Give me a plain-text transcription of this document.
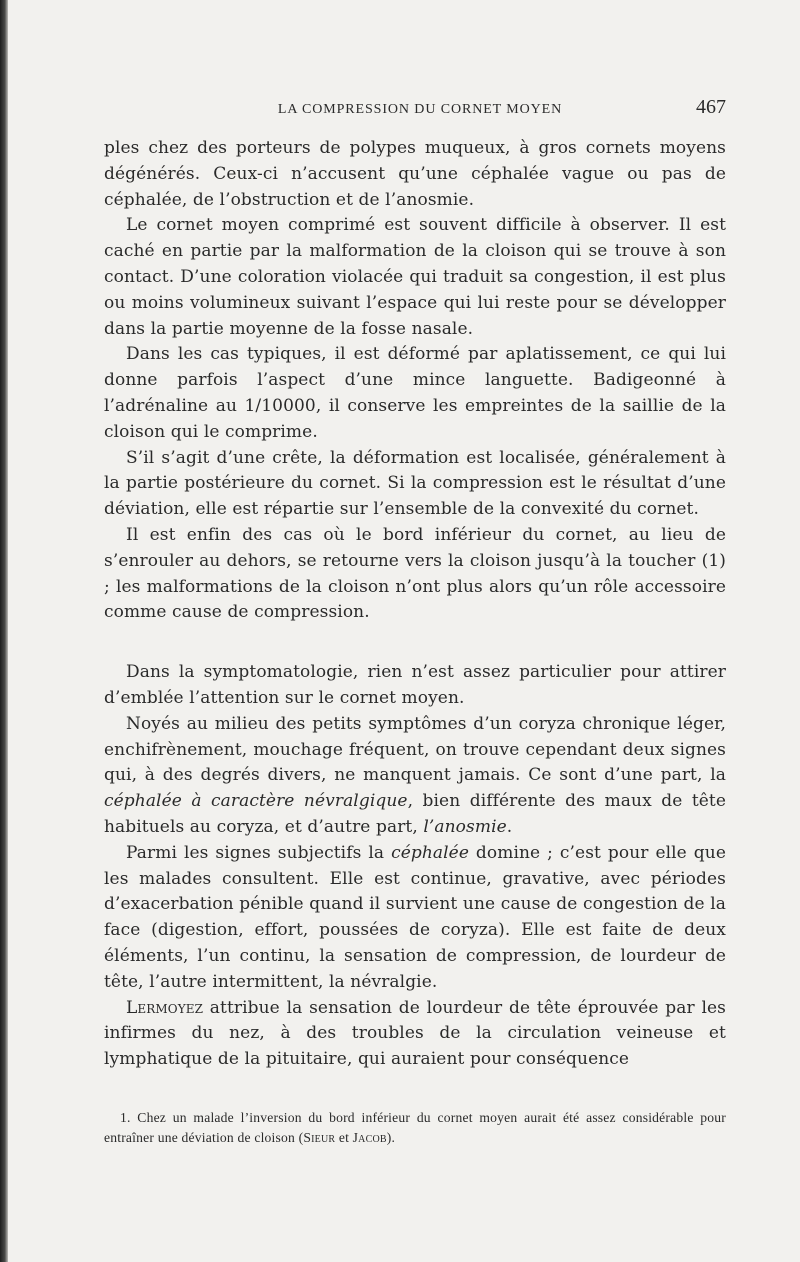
LA COMPRESSION DU CORNET MOYEN	467

ples chez des porteurs de polypes muqueux, à gros cornets moyens dégénérés. Ceux-ci n’accusent qu’une céphalée vague ou pas de céphalée, de l’obstruction et de l’anosmie.

Le cornet moyen comprimé est souvent difficile à observer. Il est caché en partie par la malformation de la cloison qui se trouve à son contact. D’une coloration violacée qui traduit sa congestion, il est plus ou moins volumineux suivant l’espace qui lui reste pour se développer dans la partie moyenne de la fosse nasale.

Dans les cas typiques, il est déformé par aplatissement, ce qui lui donne parfois l’aspect d’une mince languette. Badigeonné à l’adrénaline au 1/10000, il conserve les empreintes de la saillie de la cloison qui le comprime.

S’il s’agit d’une crête, la déformation est localisée, généralement à la partie postérieure du cornet. Si la compression est le résultat d’une déviation, elle est répartie sur l’ensemble de la convexité du cornet.

Il est enfin des cas où le bord inférieur du cornet, au lieu de s’enrouler au dehors, se retourne vers la cloison jusqu’à la toucher (1) ; les malformations de la cloison n’ont plus alors qu’un rôle accessoire comme cause de compression.

Dans la symptomatologie, rien n’est assez particulier pour attirer d’emblée l’attention sur le cornet moyen.

Noyés au milieu des petits symptômes d’un coryza chronique léger, enchifrènement, mouchage fréquent, on trouve cependant deux signes qui, à des degrés divers, ne manquent jamais. Ce sont d’une part, la céphalée à caractère névralgique, bien différente des maux de tête habituels au coryza, et d’autre part, l’anosmie.

Parmi les signes subjectifs la céphalée domine ; c’est pour elle que les malades consultent. Elle est continue, gravative, avec périodes d’exacerbation pénible quand il survient une cause de congestion de la face (digestion, effort, poussées de coryza). Elle est faite de deux éléments, l’un continu, la sensation de compression, de lourdeur de tête, l’autre intermittent, la névralgie.

Lermoyez attribue la sensation de lourdeur de tête éprouvée par les infirmes du nez, à des troubles de la circulation veineuse et lymphatique de la pituitaire, qui auraient pour conséquence

1. Chez un malade l’inversion du bord inférieur du cornet moyen aurait été assez considérable pour entraîner une déviation de cloison (Sieur et Jacob).
